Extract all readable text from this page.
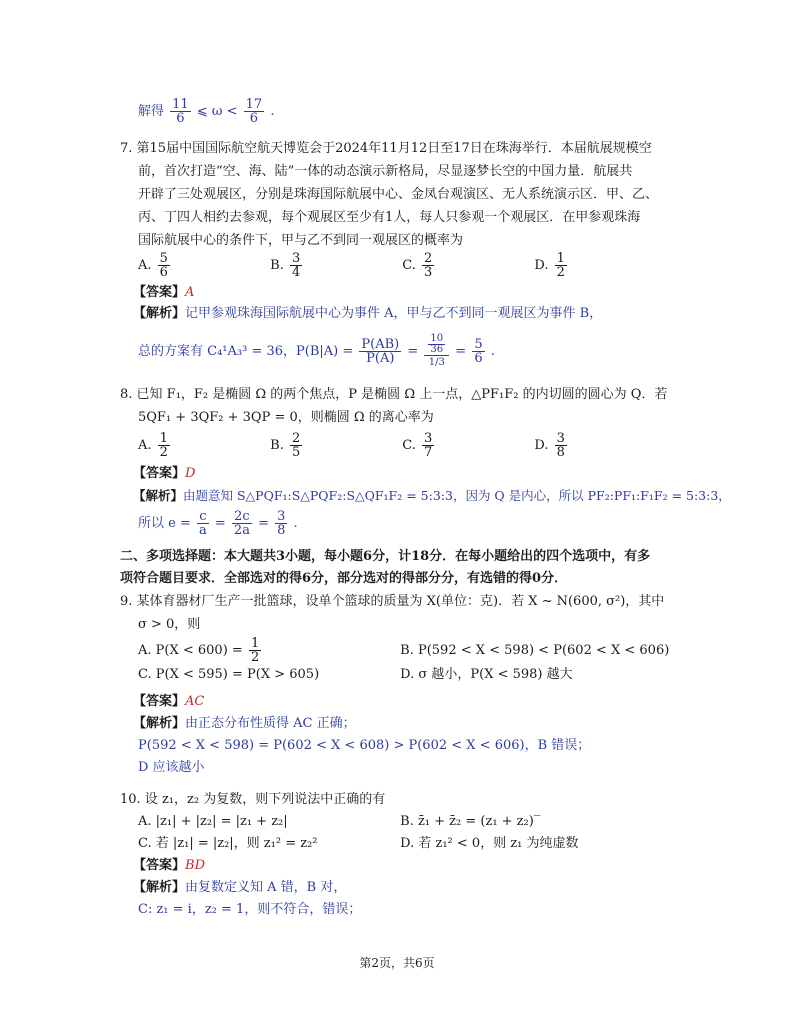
解得 $\frac{11}{6}$ ⩽ $\omega < \frac{17}{6}$ .
7. 第15届中国国际航空航天博览会于2024年11月12日至17日在珠海举行．本届航展规模空
前，首次打造“空、海、陆”一体的动态演示新格局，尽显逐梦长空的中国力量．航展共
开辟了三处观展区，分别是珠海国际航展中心、金凤台观演区、无人系统演示区．甲、乙、
丙、丁四人相约去参观，每个观展区至少有1人，每人只参观一个观展区．在甲参观珠海
国际航展中心的条件下，甲与乙不到同一观展区的概率为
A. $\frac{5}{6}$	B. $\frac{3}{4}$	C. $\frac{2}{3}$	D. $\frac{1}{2}$
【答案】A
【解析】记甲参观珠海国际航展中心为事件 A，甲与乙不到同一观展区为事件 B，
总的方案有 C₄¹A₃³ = 36，$P(B|A) = \frac{P(AB)}{P(A)} = \frac{\frac{10}{36}}{1/3} = \frac{5}{6}$ .
8. 已知 F₁，F₂ 是椭圆 Ω 的两个焦点，P 是椭圆 Ω 上一点，△PF₁F₂ 的内切圆的圆心为 Q．若
5QF₁ + 3QF₂ + 3QP = 0，则椭圆 Ω 的离心率为
A. $\frac{1}{2}$	B. $\frac{2}{5}$	C. $\frac{3}{7}$	D. $\frac{3}{8}$
【答案】D
【解析】由题意知 S△PQF₁:S△PQF₂:S△QF₁F₂ = 5:3:3，因为 Q 是内心，所以 PF₂:PF₁:F₁F₂ = 5:3:3，
所以 $e = \frac{c}{a} = \frac{2c}{2a} = \frac{3}{8}$ .
二、多项选择题：本大题共3小题，每小题6分，计18分．在每小题给出的四个选项中，有多
项符合题目要求．全部选对的得6分，部分选对的得部分分，有选错的得0分．
9. 某体育器材厂生产一批篮球，设单个篮球的质量为 X(单位：克)．若 X ~ N(600, σ²)，其中
σ > 0，则
A. $P(X < 600) = \frac{1}{2}$	B. P(592 < X < 598) < P(602 < X < 606)
C. P(X < 595) = P(X > 605)	D. σ 越小，P(X < 598) 越大
【答案】AC
【解析】由正态分布性质得 AC 正确；
P(592 < X < 598) = P(602 < X < 608) > P(602 < X < 606)，B 错误；
D 应该越小
10. 设 z₁，z₂ 为复数，则下列说法中正确的有
A. |z₁| + |z₂| = |z₁ + z₂|	B. z̄₁ + z̄₂ = (z₁ + z₂)‾
C. 若 |z₁| = |z₂|，则 z₁² = z₂²	D. 若 z₁² < 0，则 z₁ 为纯虚数
【答案】BD
【解析】由复数定义知 A 错，B 对，
C: z₁ = i，z₂ = 1，则不符合，错误；
第2页，共6页
